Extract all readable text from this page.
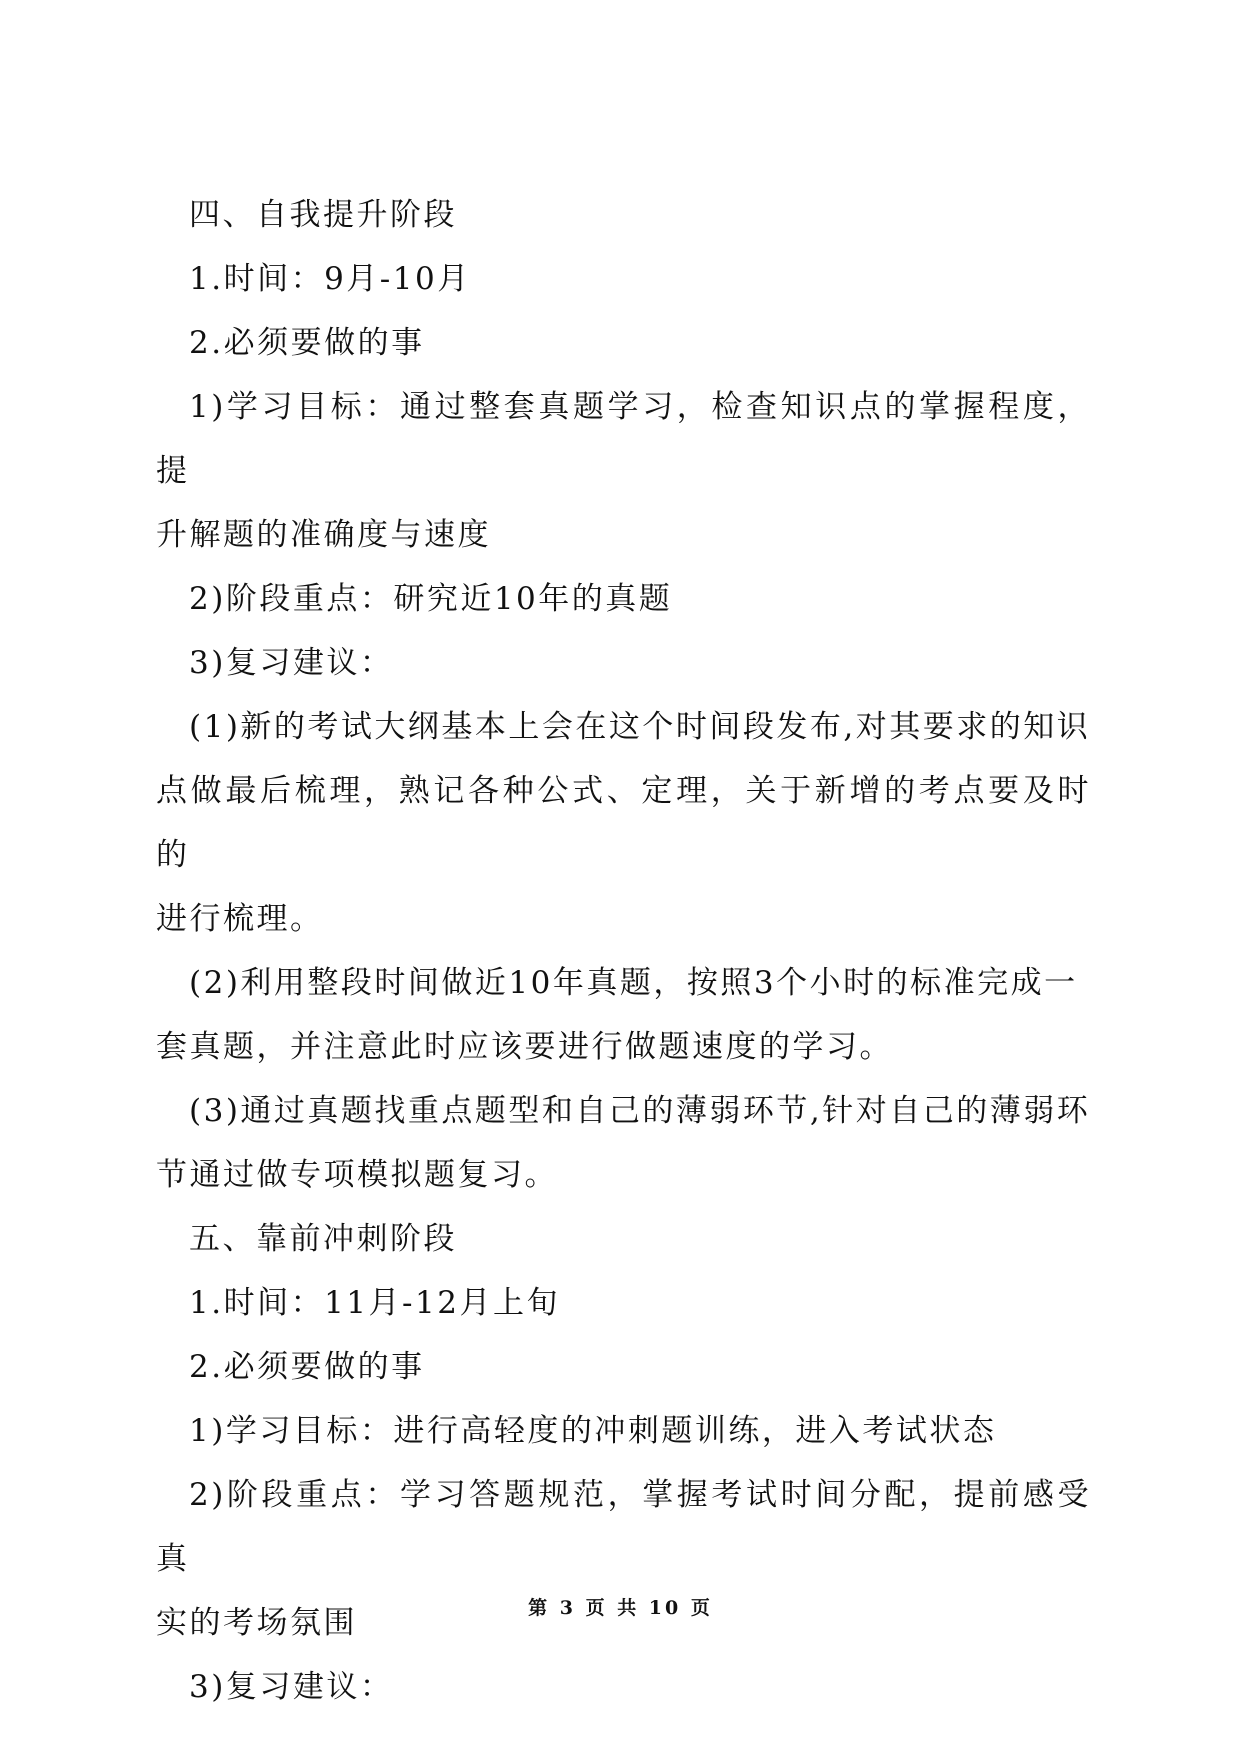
四、自我提升阶段

1.时间：9月-10月

2.必须要做的事

1)学习目标：通过整套真题学习，检查知识点的掌握程度，提
升解题的准确度与速度

2)阶段重点：研究近10年的真题

3)复习建议：

(1)新的考试大纲基本上会在这个时间段发布,对其要求的知识
点做最后梳理，熟记各种公式、定理，关于新增的考点要及时的
进行梳理。

(2)利用整段时间做近10年真题，按照3个小时的标准完成一
套真题，并注意此时应该要进行做题速度的学习。

(3)通过真题找重点题型和自己的薄弱环节,针对自己的薄弱环
节通过做专项模拟题复习。

五、靠前冲刺阶段

1.时间：11月-12月上旬

2.必须要做的事

1)学习目标：进行高轻度的冲刺题训练，进入考试状态

2)阶段重点：学习答题规范，掌握考试时间分配，提前感受真
实的考场氛围

3)复习建议：

第 3 页 共 10 页
